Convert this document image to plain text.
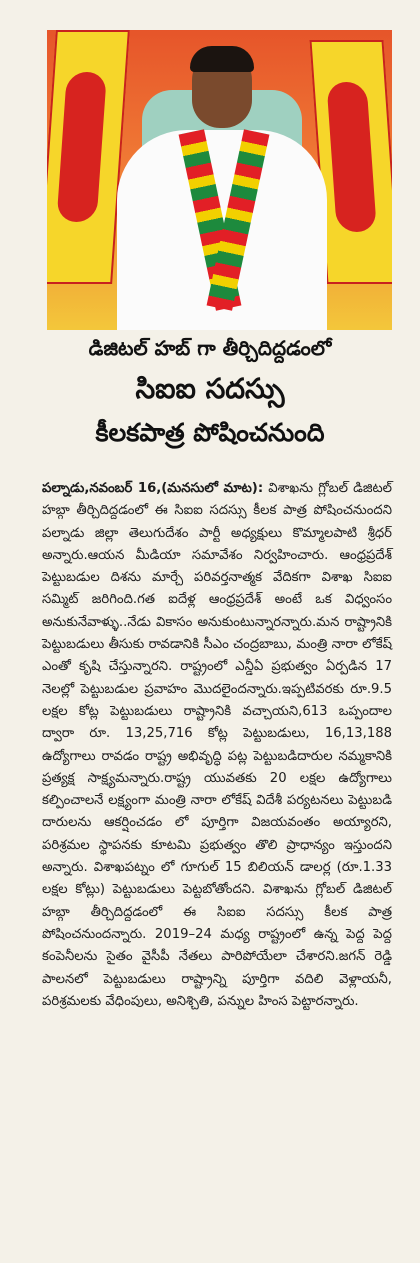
డిజిటల్ హబ్ గా తీర్చిదిద్దడంలో
సిఐఐ సదస్సు
కీలకపాత్ర పోషించనుంది
పల్నాడు,నవంబర్ 16,(మనసులో మాట): విశాఖను గ్లోబల్ డిజిటల్ హబ్గా తీర్చిదిద్దడంలో ఈ సిఐఐ సదస్సు కీలక పాత్ర పోషించనుందని పల్నాడు జిల్లా తెలుగుదేశం పార్టీ అధ్యక్షులు కొమ్మాలపాటి శ్రీధర్ అన్నారు.ఆయన మీడియా సమావేశం నిర్వహించారు. ఆంధ్రప్రదేశ్ పెట్టుబడుల దిశను మార్చే పరివర్తనాత్మక వేదికగా విశాఖ సిఐఐ సమ్మిట్ జరిగింది.గత ఐదేళ్ల ఆంధ్రప్రదేశ్ అంటే ఒక విధ్వంసం అనుకునేవాళ్ళు..నేడు వికాసం అనుకుంటున్నారన్నారు.మన రాష్ట్రానికి పెట్టుబడులు తీసుకు రావడానికి సీఎం చంద్రబాబు, మంత్రి నారా లోకేష్ ఎంతో కృషి చేస్తున్నారని. రాష్ట్రంలో ఎన్డీఏ ప్రభుత్వం ఏర్పడిన 17 నెలల్లో పెట్టుబడుల ప్రవాహం మొదలైందన్నారు.ఇప్పటివరకు రూ.9.5 లక్షల కోట్ల పెట్టుబడులు రాష్ట్రానికి వచ్చాయని,613 ఒప్పందాల ద్వారా రూ. 13,25,716 కోట్ల పెట్టుబడులు, 16,13,188 ఉద్యోగాలు రావడం రాష్ట్ర అభివృద్ధి పట్ల పెట్టుబడిదారుల నమ్మకానికి ప్రత్యక్ష సాక్ష్యమన్నారు.రాష్ట్ర యువతకు 20 లక్షల ఉద్యోగాలు కల్పించాలనే లక్ష్యంగా మంత్రి నారా లోకేష్ విదేశీ పర్యటనలు పెట్టుబడి దారులను ఆకర్షించడం లో పూర్తిగా విజయవంతం అయ్యారని, పరిశ్రమల స్థాపనకు కూటమి ప్రభుత్వం తొలి ప్రాధాన్యం ఇస్తుందని అన్నారు. విశాఖపట్నం లో గూగుల్ 15 బిలియన్ డాలర్ల (రూ.1.33 లక్షల కోట్లు) పెట్టుబడులు పెట్టబోతోందని. విశాఖను గ్లోబల్ డిజిటల్ హబ్గా తీర్చిదిద్దడంలో ఈ సిఐఐ సదస్సు కీలక పాత్ర పోషించనుందన్నారు. 2019–24 మధ్య రాష్ట్రంలో ఉన్న పెద్ద పెద్ద కంపెనీలను సైతం వైసీపీ నేతలు పారిపోయేలా చేశారని.జగన్ రెడ్డి పాలనలో పెట్టుబడులు రాష్ట్రాన్ని పూర్తిగా వదిలి వెళ్లాయనీ, పరిశ్రమలకు వేధింపులు, అనిశ్చితి, పన్నుల హింస పెట్టారన్నారు.
